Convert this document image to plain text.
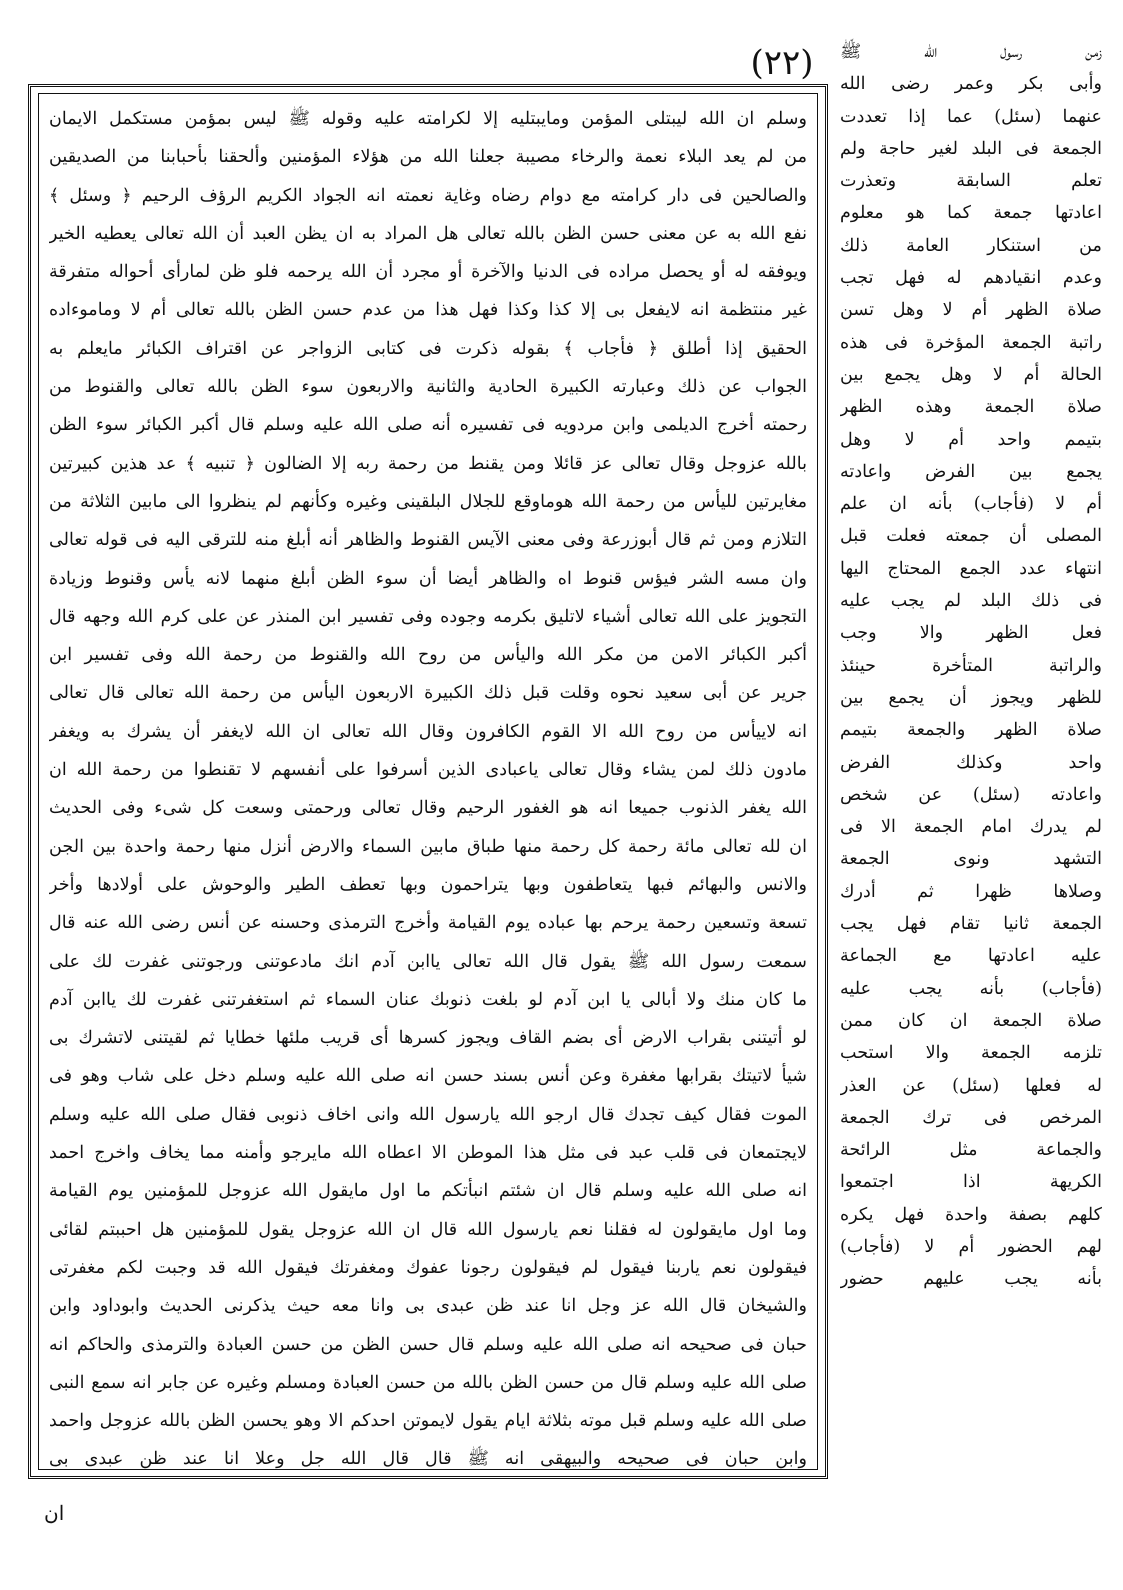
(۲۲)	زمن رسول الله ﷺ
وأبى بكر وعمر رضى الله
عنهما (سئل) عما إذا تعددت
الجمعة فى البلد لغير حاجة ولم
تعلم السابقة وتعذرت
اعادتها جمعة كما هو معلوم
من استنكار العامة ذلك
وعدم انقيادهم له فهل تجب
صلاة الظهر أم لا وهل تسن
راتبة الجمعة المؤخرة فى هذه
الحالة أم لا وهل يجمع بين
صلاة الجمعة وهذه الظهر
بتيمم واحد أم لا وهل
يجمع بين الفرض واعادته
أم لا (فأجاب) بأنه ان علم
المصلى أن جمعته فعلت قبل
انتهاء عدد الجمع المحتاج اليها
فى ذلك البلد لم يجب عليه
فعل الظهر والا وجب
والراتبة المتأخرة حينئذ
للظهر ويجوز أن يجمع بين
صلاة الظهر والجمعة بتيمم
واحد وكذلك الفرض
واعادته (سئل) عن شخص
لم يدرك امام الجمعة الا فى
التشهد ونوى الجمعة
وصلاها ظهرا ثم أدرك
الجمعة ثانيا تقام فهل يجب
عليه اعادتها مع الجماعة
(فأجاب) بأنه يجب عليه
صلاة الجمعة ان كان ممن
تلزمه الجمعة والا استحب
له فعلها (سئل) عن العذر
المرخص فى ترك الجمعة
والجماعة مثل الرائحة
الكريهة اذا اجتمعوا
كلهم بصفة واحدة فهل يكره
لهم الحضور أم لا (فأجاب)
بأنه يجب عليهم حضور
وسلم ان الله ليبتلى المؤمن ومايبتليه إلا لكرامته عليه وقوله ﷺ ليس بمؤمن مستكمل الايمان
من لم يعد البلاء نعمة والرخاء مصيبة جعلنا الله من هؤلاء المؤمنين وألحقنا بأحبابنا من الصديقين
والصالحين فى دار كرامته مع دوام رضاه وغاية نعمته انه الجواد الكريم الرؤف الرحيم ﴿ وسئل ﴾
نفع الله به عن معنى حسن الظن بالله تعالى هل المراد به ان يظن العبد أن الله تعالى يعطيه الخير
ويوفقه له أو يحصل مراده فى الدنيا والآخرة أو مجرد أن الله يرحمه فلو ظن لمارأى أحواله متفرقة
غير منتظمة انه لايفعل بى إلا كذا وكذا فهل هذا من عدم حسن الظن بالله تعالى أم لا وماموءاده
الحقيق إذا أطلق ﴿ فأجاب ﴾ بقوله ذكرت فى كتابى الزواجر عن اقتراف الكبائر مايعلم به
الجواب عن ذلك وعبارته الكبيرة الحادية والثانية والاربعون سوء الظن بالله تعالى والقنوط من
رحمته أخرج الديلمى وابن مردويه فى تفسيره أنه صلى الله عليه وسلم قال أكبر الكبائر سوء الظن
بالله عزوجل وقال تعالى عز قائلا ومن يقنط من رحمة ربه إلا الضالون ﴿ تنبيه ﴾ عد هذين كبيرتين
مغايرتين لليأس من رحمة الله هوماوقع للجلال البلقينى وغيره وكأنهم لم ينظروا الى مابين الثلاثة من
التلازم ومن ثم قال أبوزرعة وفى معنى الآيس القنوط والظاهر أنه أبلغ منه للترقى اليه فى قوله تعالى
وان مسه الشر فيؤس قنوط اه والظاهر أيضا أن سوء الظن أبلغ منهما لانه يأس وقنوط وزيادة
التجويز على الله تعالى أشياء لاتليق بكرمه وجوده وفى تفسير ابن المنذر عن على كرم الله وجهه قال
أكبر الكبائر الامن من مكر الله واليأس من روح الله والقنوط من رحمة الله وفى تفسير ابن
جرير عن أبى سعيد نحوه وقلت قبل ذلك الكبيرة الاربعون اليأس من رحمة الله تعالى قال تعالى
انه لاييأس من روح الله الا القوم الكافرون وقال الله تعالى ان الله لايغفر أن يشرك به ويغفر
مادون ذلك لمن يشاء وقال تعالى ياعبادى الذين أسرفوا على أنفسهم لا تقنطوا من رحمة الله ان
الله يغفر الذنوب جميعا انه هو الغفور الرحيم وقال تعالى ورحمتى وسعت كل شىء وفى الحديث
ان لله تعالى مائة رحمة كل رحمة منها طباق مابين السماء والارض أنزل منها رحمة واحدة بين الجن
والانس والبهائم فبها يتعاطفون وبها يتراحمون وبها تعطف الطير والوحوش على أولادها وأخر
تسعة وتسعين رحمة يرحم بها عباده يوم القيامة وأخرج الترمذى وحسنه عن أنس رضى الله عنه قال
سمعت رسول الله ﷺ يقول قال الله تعالى ياابن آدم انك مادعوتنى ورجوتنى غفرت لك على
ما كان منك ولا أبالى يا ابن آدم لو بلغت ذنوبك عنان السماء ثم استغفرتنى غفرت لك ياابن آدم
لو أتيتنى بقراب الارض أى بضم القاف ويجوز كسرها أى قريب ملئها خطايا ثم لقيتنى لاتشرك بى
شيأ لاتيتك بقرابها مغفرة وعن أنس بسند حسن انه صلى الله عليه وسلم دخل على شاب وهو فى
الموت فقال كيف تجدك قال ارجو الله يارسول الله وانى اخاف ذنوبى فقال صلى الله عليه وسلم
لايجتمعان فى قلب عبد فى مثل هذا الموطن الا اعطاه الله مايرجو وأمنه مما يخاف واخرج احمد
انه صلى الله عليه وسلم قال ان شئتم انبأتكم ما اول مايقول الله عزوجل للمؤمنين يوم القيامة
وما اول مايقولون له فقلنا نعم يارسول الله قال ان الله عزوجل يقول للمؤمنين هل احببتم لقائى
فيقولون نعم ياربنا فيقول لم فيقولون رجونا عفوك ومغفرتك فيقول الله قد وجبت لكم مغفرتى
والشيخان قال الله عز وجل انا عند ظن عبدى بى وانا معه حيث يذكرنى الحديث وابوداود وابن
حبان فى صحيحه انه صلى الله عليه وسلم قال حسن الظن من حسن العبادة والترمذى والحاكم انه
صلى الله عليه وسلم قال من حسن الظن بالله من حسن العبادة ومسلم وغيره عن جابر انه سمع النبى
صلى الله عليه وسلم قبل موته بثلاثة ايام يقول لايموتن احدكم الا وهو يحسن الظن بالله عزوجل واحمد
وابن حبان فى صحيحه والبيهقى انه ﷺ قال قال الله جل وعلا انا عند ظن عبدى بى
ان
